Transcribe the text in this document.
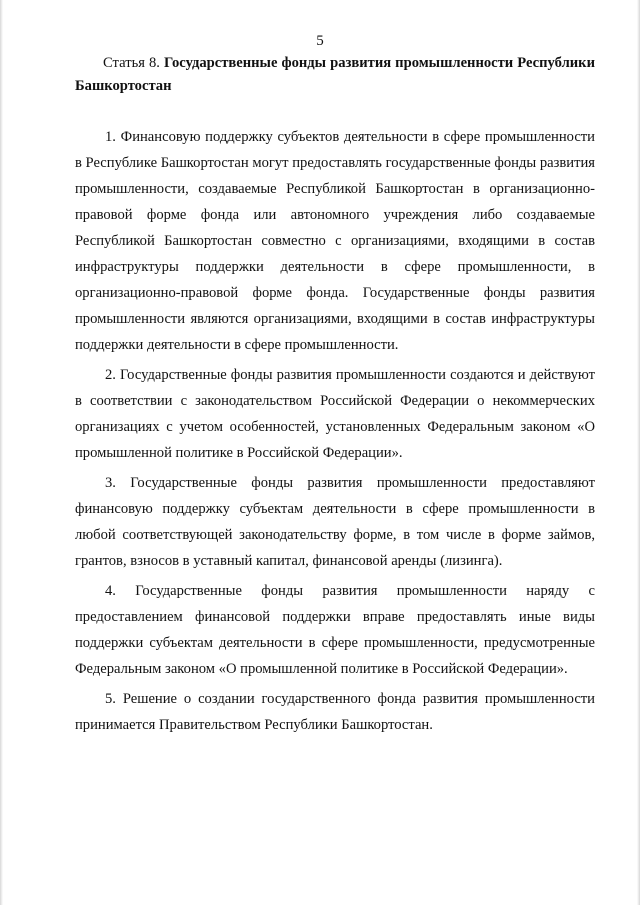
5
Статья 8. Государственные фонды развития промышленности Республики Башкортостан

1. Финансовую поддержку субъектов деятельности в сфере промышленности в Республике Башкортостан могут предоставлять государственные фонды развития промышленности, создаваемые Республикой Башкортостан в организационно-правовой форме фонда или автономного учреждения либо создаваемые Республикой Башкортостан совместно с организациями, входящими в состав инфраструктуры поддержки деятельности в сфере промышленности, в организационно-правовой форме фонда. Государственные фонды развития промышленности являются организациями, входящими в состав инфраструктуры поддержки деятельности в сфере промышленности.

2. Государственные фонды развития промышленности создаются и действуют в соответствии с законодательством Российской Федерации о некоммерческих организациях с учетом особенностей, установленных Федеральным законом «О промышленной политике в Российской Федерации».

3. Государственные фонды развития промышленности предоставляют финансовую поддержку субъектам деятельности в сфере промышленности в любой соответствующей законодательству форме, в том числе в форме займов, грантов, взносов в уставный капитал, финансовой аренды (лизинга).

4. Государственные фонды развития промышленности наряду с предоставлением финансовой поддержки вправе предоставлять иные виды поддержки субъектам деятельности в сфере промышленности, предусмотренные Федеральным законом «О промышленной политике в Российской Федерации».

5. Решение о создании государственного фонда развития промышленности принимается Правительством Республики Башкортостан.
